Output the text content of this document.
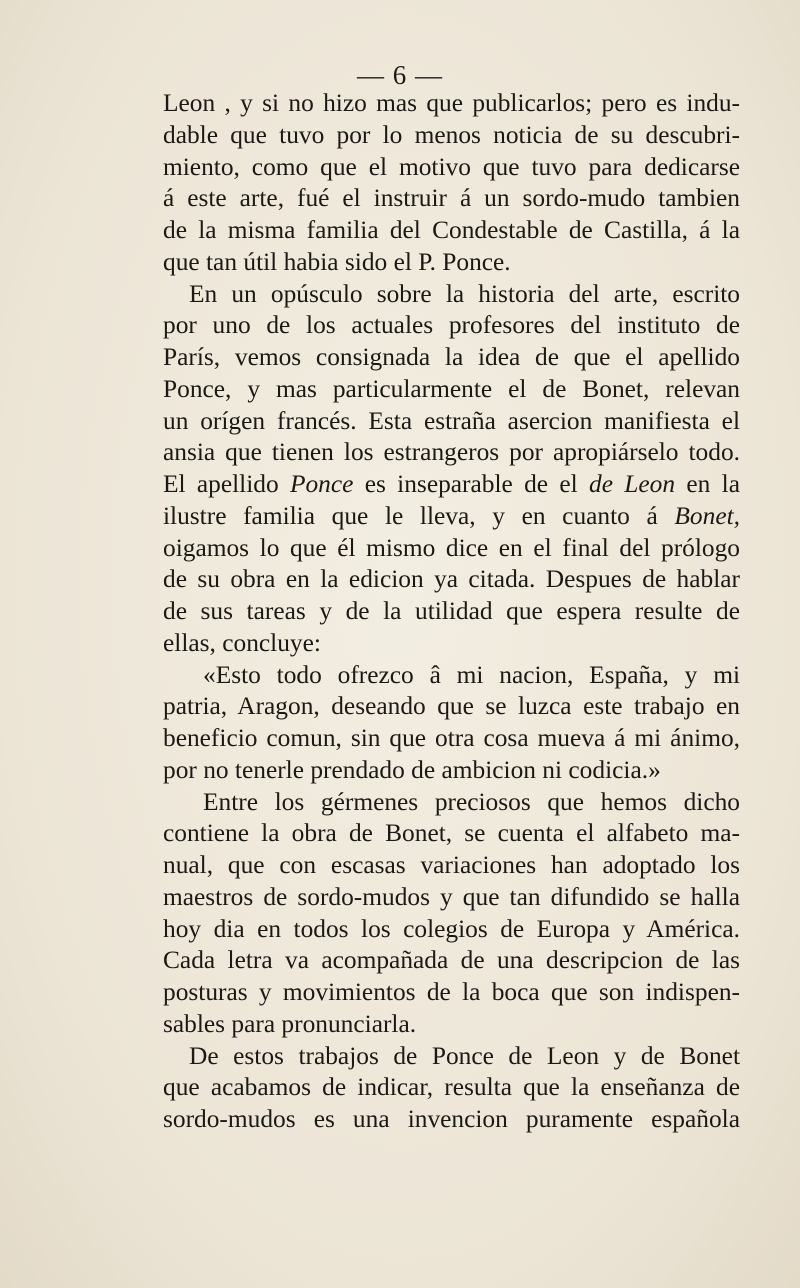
— 6 —
Leon , y si no hizo mas que publicarlos; pero es indu-
dable que tuvo por lo menos noticia de su descubri-
miento, como que el motivo que tuvo para dedicarse
á este arte, fué el instruir á un sordo-mudo tambien
de la misma familia del Condestable de Castilla, á la
que tan útil habia sido el P. Ponce.
En un opúsculo sobre la historia del arte, escrito
por uno de los actuales profesores del instituto de
París, vemos consignada la idea de que el apellido
Ponce, y mas particularmente el de Bonet, relevan
un orígen francés. Esta estraña asercion manifiesta el
ansia que tienen los estrangeros por apropiárselo todo.
El apellido Ponce es inseparable de el de Leon en la
ilustre familia que le lleva, y en cuanto á Bonet,
oigamos lo que él mismo dice en el final del prólogo
de su obra en la edicion ya citada. Despues de hablar
de sus tareas y de la utilidad que espera resulte de
ellas, concluye:
«Esto todo ofrezco â mi nacion, España, y mi
patria, Aragon, deseando que se luzca este trabajo en
beneficio comun, sin que otra cosa mueva á mi ánimo,
por no tenerle prendado de ambicion ni codicia.»
Entre los gérmenes preciosos que hemos dicho
contiene la obra de Bonet, se cuenta el alfabeto ma-
nual, que con escasas variaciones han adoptado los
maestros de sordo-mudos y que tan difundido se halla
hoy dia en todos los colegios de Europa y América.
Cada letra va acompañada de una descripcion de las
posturas y movimientos de la boca que son indispen-
sables para pronunciarla.
De estos trabajos de Ponce de Leon y de Bonet
que acabamos de indicar, resulta que la enseñanza de
sordo-mudos es una invencion puramente española
